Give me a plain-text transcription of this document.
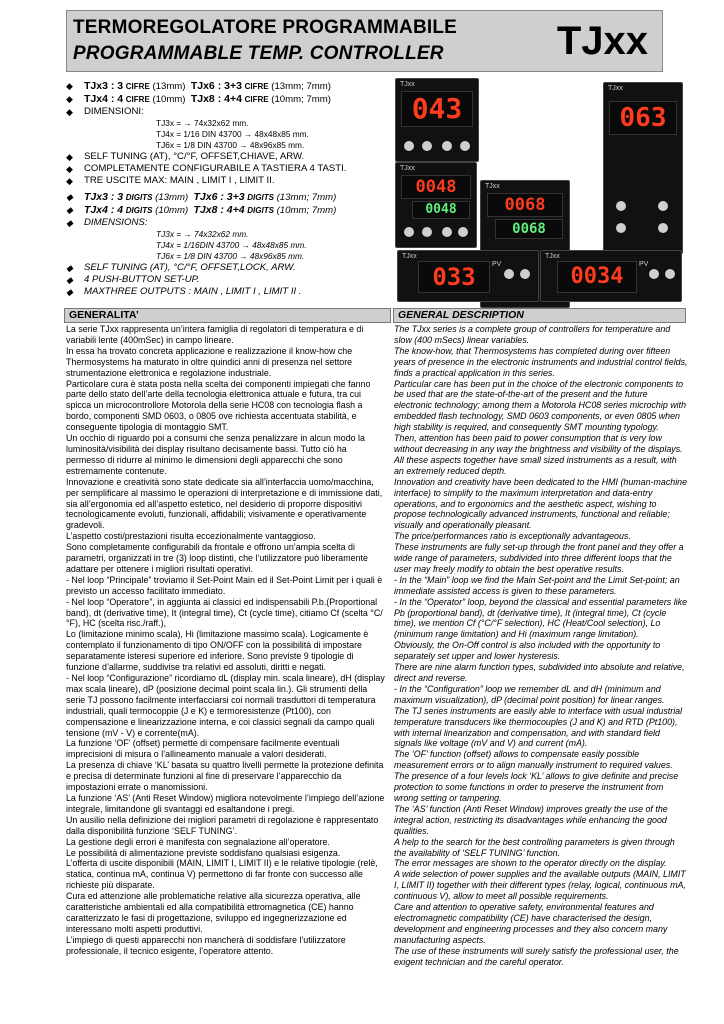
TERMOREGOLATORE PROGRAMMABILE
PROGRAMMABLE TEMP. CONTROLLER	TJxx
◆ TJx3 : 3 CIFRE (13mm) TJx6 : 3+3 CIFRE (13mm; 7mm)
◆ TJx4 : 4 CIFRE (10mm) TJx8 : 4+4 CIFRE (10mm; 7mm)
◆ DIMENSIONI:
TJ3x = → 74x32x62 mm.
TJ4x = 1/16 DIN 43700 → 48x48x85 mm.
TJ6x = 1/8 DIN 43700 → 48x96x85 mm.
◆ SELF TUNING (AT), °C/°F, OFFSET,CHIAVE, ARW.
◆ COMPLETAMENTE CONFIGURABILE A TASTIERA 4 TASTI.
◆ TRE USCITE MAX: MAIN , LIMIT I , LIMIT II.
◆ TJx3 : 3 DIGITS (13mm) TJx6 : 3+3 DIGITS (13mm; 7mm)
◆ TJx4 : 4 DIGITS (10mm) TJx8 : 4+4 DIGITS (10mm; 7mm)
◆ DIMENSIONS:
TJ3x = → 74x32x62 mm.
TJ4x = 1/16DIN 43700 → 48x48x85 mm.
TJ6x = 1/8 DIN 43700 → 48x96x85 mm.
◆ SELF TUNING (AT), °C/°F, OFFSET,LOCK, ARW.
◆ 4 PUSH-BUTTON SET-UP.
◆ MAXTHREE OUTPUTS : MAIN , LIMIT I , LIMIT II .
TJxx
043
TJxx
0068
0068
TJxx
063
TJxx
0048
0048
TJxx
033	PV
TJxx
0034	PV
GENERALITA’	GENERAL DESCRIPTION

La serie TJxx rappresenta un’intera famiglia di regolatori di temperatura e di variabili lente (400mSec) in campo lineare.

In essa ha trovato concreta applicazione e realizzazione il know-how che Thermosystems ha maturato in oltre quindici anni di presenza nel settore strumentazione elettronica e regolazione industriale.

Particolare cura è stata posta nella scelta dei componenti impiegati che fanno parte dello stato dell’arte della tecnologia elettronica attuale e futura, tra cui spicca un microcontrollore Motorola della serie HC08 con tecnologia flash a bordo, componenti SMD 0603, o 0805 ove richiesta accentuata stabilità, e conseguente tipologia di montaggio SMT.

Un occhio di riguardo poi a consumi che senza penalizzare in alcun modo la luminosità/visibilità dei display risultano decisamente bassi. Tutto ciò ha permesso di ridurre al minimo le dimensioni degli apparecchi che sono estremamente contenute.

Innovazione e creatività sono state dedicate sia all’interfaccia uomo/macchina, per semplificare al massimo le operazioni di interpretazione e di immissione dati, sia all’ergonomia ed all’aspetto estetico, nel desiderio di proporre dispositivi tecnologicamente evoluti, funzionali, affidabili; visivamente e operativamente gradevoli.

L’aspetto costi/prestazioni risulta eccezionalmente vantaggioso.

Sono completamente configurabili da frontale e offrono un’ampia scelta di parametri, organizzati in tre (3) loop distinti, che l’utilizzatore può liberamente adattare per ottenere i migliori risultati operativi.

- Nel loop “Principale” troviamo il Set-Point Main ed il Set-Point Limit per i quali è previsto un accesso facilitato immediato.

- Nel loop “Operatore”, in aggiunta ai classici ed indispensabili P.b.(Proportional band), dt (derivative time), It (integral time), Ct (cycle time), citiamo Cf (scelta °C/°F), HC (scelta risc./raff.),

Lo (limitazione minimo scala), Hi (limitazione massimo scala). Logicamente è contemplato il funzionamento di tipo ON/OFF con la possibilità di impostare separatamente isteresi superiore ed inferiore. Sono previste 9 tipologie di funzione d’allarme, suddivise tra relativi ed assoluti, diritti e negati.

- Nel loop “Configurazione” ricordiamo dL (display min. scala lineare), dH (display max scala lineare), dP (posizione decimal point scala lin.). Gli strumenti della serie TJ possono facilmente interfacciarsi coi normali trasduttori di temperatura industriali, quali termocoppie (J e K) e termoresistenze (Pt100), con compensazione e linearizzazione interna, e coi classici segnali da campo quali tensione (mV - V) e corrente(mA).

La funzione ‘OF’ (offset) permette di compensare facilmente eventuali imprecisioni di misura o l’allineamento manuale a valori desiderati.

La presenza di chiave ‘KL’ basata su quattro livelli permette la protezione definita e precisa di determinate funzioni al fine di preservare l’apparecchio da impostazioni errate o manomissioni.

La funzione ‘AS’ (Anti Reset Window) migliora notevolmente l’impiego dell’azione integrale, limitandone gli svantaggi ed esaltandone i pregi.

Un ausilio nella definizione dei migliori parametri di regolazione è rappresentato dalla disponibilità funzione ‘SELF TUNING’.

La gestione degli errori è manifesta con segnalazione all’operatore.

Le possibilità di alimentazione previste soddisfano qualsiasi esigenza.

L’offerta di uscite disponibili (MAIN, LIMIT I, LIMIT II) e le relative tipologie (relè, statica, continua mA, continua V) permettono di far fronte con successo alle richieste più disparate.

Cura ed attenzione alle problematiche relative alla sicurezza operativa, alle caratteristiche ambientali ed alla compatibilità ettromagnetica (CE) hanno caratterizzato le fasi di progettazione, sviluppo ed ingegnerizzazione ed interessano molti aspetti produttivi.

L’impiego di questi apparecchi non mancherà di soddisfare l’utilizzatore professionale, il tecnico esigente, l’operatore attento.

The TJxx series is a complete group of controllers for temperature and slow (400 mSecs) linear variables.

The know-how, that Thermosystems has completed during over fifteen years of presence in the electronic instruments and industrial control fields, finds a practical application in this series.

Particular care has been put in the choice of the electronic components to be used that are the state-of-the-art of the present and the future electronic technology; among them a Motorola HC08 series microchip with embedded flash technology, SMD 0603 components, or even 0805 when high stability is required, and consequently SMT mounting typology.

Then, attention has been paid to power consumption that is very low without decreasing in any way the brightness and visibility of the displays. All these aspects together have small sized instruments as a result, with an extremely reduced depth.

Innovation and creativity have been dedicated to the HMI (human-machine interface) to simplify to the maximum interpretation and data-entry operations, and to ergonomics and the aesthetic aspect, wishing to propose technologically advanced instruments, functional and reliable; visually and operationally pleasant.

The price/performances ratio is exceptionally advantageous.

These instruments are fully set-up through the front panel and they offer a wide range of parameters, subdivided into three different loops that the user may freely modify to obtain the best operative results.

- In the “Main” loop we find the Main Set-point and the Limit Set-point; an immediate assisted access is given to these parameters.

- In the “Operator” loop, beyond the classical and essential parameters like Pb (proportional band), dt (derivative time), It (integral time), Ct (cycle time), we mention Cf (°C/°F selection), HC (Heat/Cool selection), Lo (minimum range limitation) and Hi (maximum range limitation).

Obviously, the On-Off control is also included with the opportunity to separately set upper and lower hysteresis.

There are nine alarm function types, subdivided into absolute and relative, direct and reverse.

- In the “Configuration” loop we remember dL and dH (minimum and maximum visualization), dP (decimal point position) for linear ranges.

The TJ series instruments are easily able to interface with usual industrial temperature transducers like thermocouples (J and K) and RTD (Pt100), with internal linearization and compensation, and with standard field signals like voltage (mV and V) and current (mA).

The ‘OF’ function (offset) allows to compensate easily possible measurement errors or to align manually instrument to required values.

The presence of a four levels lock ‘KL’ allows to give definite and precise protection to some functions in order to preserve the instrument from wrong setting or tampering.

The ‘AS’ function (Anti Reset Window) improves greatly the use of the integral action, restricting its disadvantages while enhancing the good qualities.

A help to the search for the best controlling parameters is given through the availability of ‘SELF TUNING’ function.

The error messages are shown to the operator directly on the display.

A wide selection of power supplies and the available outputs (MAIN, LIMIT I, LIMIT II) together with their different types (relay, logical, continuous mA, continuous V), allow to meet all possible requirements.

Care and attention to operative safety, environmental features and electromagnetic compatibility (CE) have characterised the design, development and engineering processes and they also concern many manufacturing aspects.

The use of these instruments will surely satisfy the professional user, the exigent technician and the careful operator.
